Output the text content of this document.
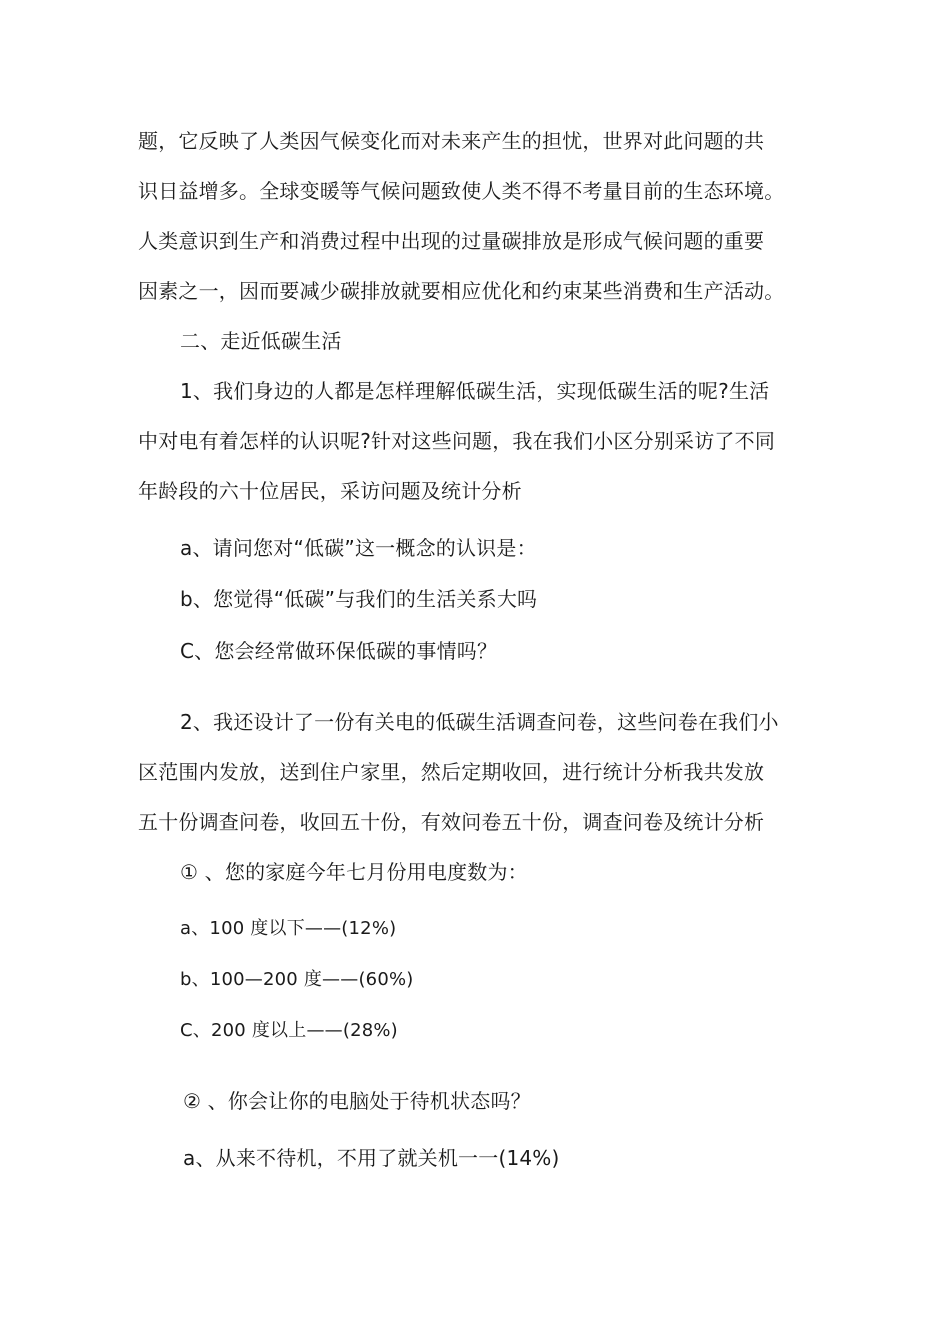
题，它反映了人类因气候变化而对未来产生的担忧，世界对此问题的共
识日益增多。全球变暖等气候问题致使人类不得不考量目前的生态环境。
人类意识到生产和消费过程中出现的过量碳排放是形成气候问题的重要
因素之一，因而要减少碳排放就要相应优化和约束某些消费和生产活动。
二、走近低碳生活
1、我们身边的人都是怎样理解低碳生活，实现低碳生活的呢?生活
中对电有着怎样的认识呢?针对这些问题，我在我们小区分别采访了不同
年龄段的六十位居民，采访问题及统计分析
a、请问您对“低碳”这一概念的认识是：
b、您觉得“低碳”与我们的生活关系大吗
C、您会经常做环保低碳的事情吗？
2、我还设计了一份有关电的低碳生活调查问卷，这些问卷在我们小
区范围内发放，送到住户家里，然后定期收回，进行统计分析我共发放
五十份调查问卷，收回五十份，有效问卷五十份，调查问卷及统计分析
① 、您的家庭今年七月份用电度数为：
a、100 度以下——(12%)
b、100—200 度——(60%)
C、200 度以上——(28%)
② 、你会让你的电脑处于待机状态吗？
a、从来不待机，不用了就关机一一(14%)
